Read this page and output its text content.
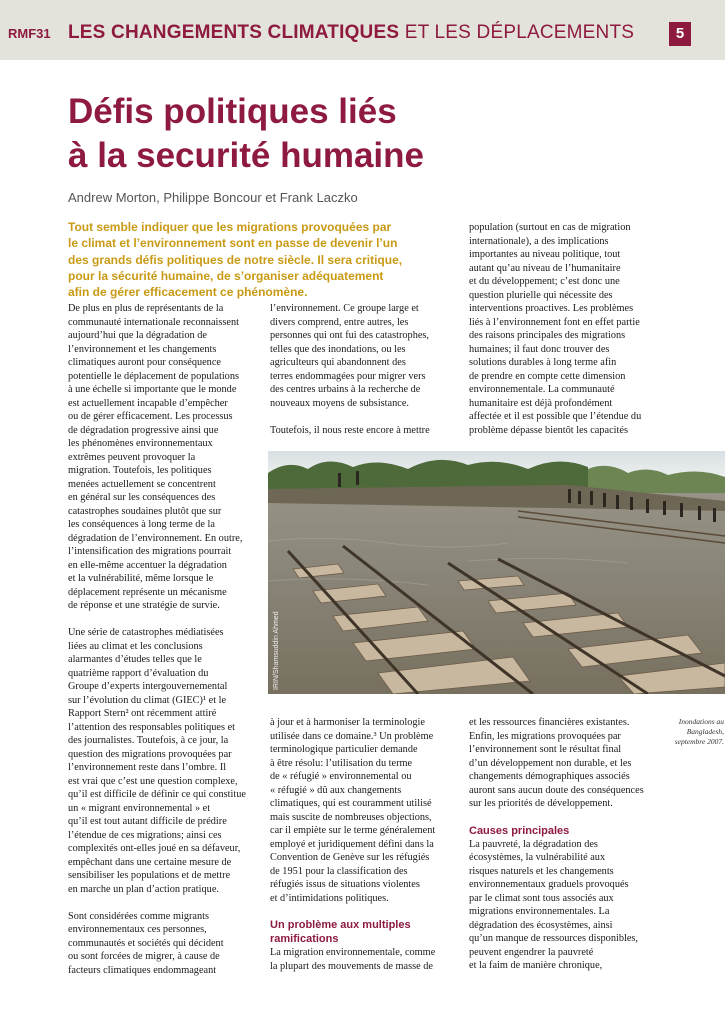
RMF31 LES CHANGEMENTS CLIMATIQUES ET LES DÉPLACEMENTS	5
Défis politiques liés
à la securité humaine
Andrew Morton, Philippe Boncour et Frank Laczko
Tout semble indiquer que les migrations provoquées par
le climat et l’environnement sont en passe de devenir l’un
des grands défis politiques de notre siècle. Il sera critique,
pour la sécurité humaine, de s’organiser adéquatement
afin de gérer efficacement ce phénomène.

De plus en plus de représentants de la
communauté internationale reconnaissent
aujourd’hui que la dégradation de
l’environnement et les changements
climatiques auront pour conséquence
potentielle le déplacement de populations
à une échelle si importante que le monde
est actuellement incapable d’empêcher
ou de gérer efficacement. Les processus
de dégradation progressive ainsi que
les phénomènes environnementaux
extrêmes peuvent provoquer la
migration. Toutefois, les politiques
menées actuellement se concentrent
en général sur les conséquences des
catastrophes soudaines plutôt que sur
les conséquences à long terme de la
dégradation de l’environnement. En outre,
l’intensification des migrations pourrait
en elle-même accentuer la dégradation
et la vulnérabilité, même lorsque le
déplacement représente un mécanisme
de réponse et une stratégie de survie.

Une série de catastrophes médiatisées
liées au climat et les conclusions
alarmantes d’études telles que le
quatrième rapport d’évaluation du
Groupe d’experts intergouvernemental
sur l’évolution du climat (GIEC)¹ et le
Rapport Stern² ont récemment attiré
l’attention des responsables politiques et
des journalistes. Toutefois, à ce jour, la
question des migrations provoquées par
l’environnement reste dans l’ombre. Il
est vrai que c’est une question complexe,
qu’il est difficile de définir ce qui constitue
un « migrant environnemental » et
qu’il est tout autant difficile de prédire
l’étendue de ces migrations; ainsi ces
complexités ont-elles joué en sa défaveur,
empêchant dans une certaine mesure de
sensibiliser les populations et de mettre
en marche un plan d’action pratique.

Sont considérées comme migrants
environnementaux ces personnes,
communautés et sociétés qui décident
ou sont forcées de migrer, à cause de
facteurs climatiques endommageant

l’environnement. Ce groupe large et
divers comprend, entre autres, les
personnes qui ont fui des catastrophes,
telles que des inondations, ou les
agriculteurs qui abandonnent des
terres endommagées pour migrer vers
des centres urbains à la recherche de
nouveaux moyens de subsistance.

Toutefois, il nous reste encore à mettre

population (surtout en cas de migration
internationale), a des implications
importantes au niveau politique, tout
autant qu’au niveau de l’humanitaire
et du développement; c’est donc une
question plurielle qui nécessite des
interventions proactives. Les problèmes
liés à l’environnement font en effet partie
des raisons principales des migrations
humaines; il faut donc trouver des
solutions durables à long terme afin
de prendre en compte cette dimension
environnementale. La communauté
humanitaire est déjà profondément
affectée et il est possible que l’étendue du
problème dépasse bientôt les capacités

IRIN/Shamsuddin Ahmed

à jour et à harmoniser la terminologie
utilisée dans ce domaine.³ Un problème
terminologique particulier demande
à être résolu: l’utilisation du terme
de « réfugié » environnemental ou
« réfugié » dû aux changements
climatiques, qui est couramment utilisé
mais suscite de nombreuses objections,
car il empiète sur le terme généralement
employé et juridiquement défini dans la
Convention de Genève sur les réfugiés
de 1951 pour la classification des
réfugiés issus de situations violentes
et d’intimidations politiques.

Un problème aux multiples
ramifications

La migration environnementale, comme
la plupart des mouvements de masse de

et les ressources financières existantes.
Enfin, les migrations provoquées par
l’environnement sont le résultat final
d’un développement non durable, et les
changements démographiques associés
auront sans aucun doute des conséquences
sur les priorités de développement.

Causes principales

La pauvreté, la dégradation des
écosystèmes, la vulnérabilité aux
risques naturels et les changements
environnementaux graduels provoqués
par le climat sont tous associés aux
migrations environnementales. La
dégradation des écosystèmes, ainsi
qu’un manque de ressources disponibles,
peuvent engendrer la pauvreté
et la faim de manière chronique,

Inondations au
Bangladesh,
septembre 2007.
